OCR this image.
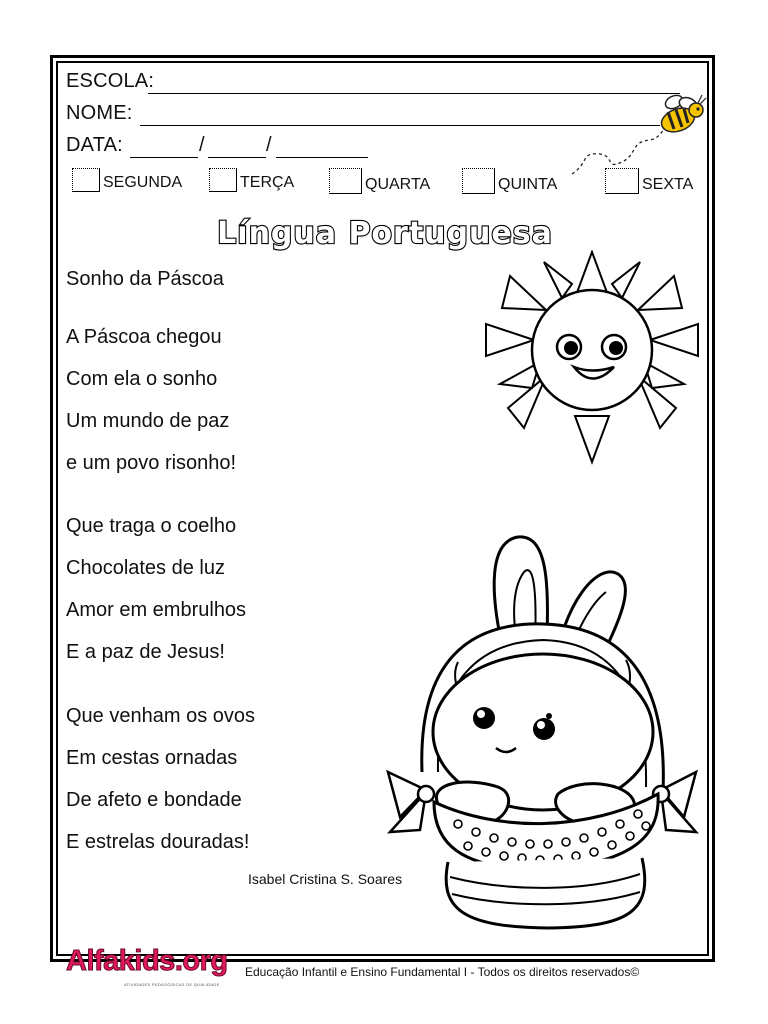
ESCOLA:
NOME:
DATA:	/	/
SEGUNDA	TERÇA	QUARTA	QUINTA	SEXTA
Língua Portuguesa
Sonho da Páscoa
A Páscoa chegou
Com ela o sonho
Um mundo de paz
e um povo risonho!
Que traga o coelho
Chocolates de luz
Amor em embrulhos
E a paz de Jesus!
Que venham os ovos
Em cestas ornadas
De afeto e bondade
E estrelas douradas!
Isabel Cristina S. Soares
Alfakids.org
ATIVIDADES PEDAGÓGICAS DE QUALIDADE
Educação Infantil e Ensino Fundamental I - Todos os direitos reservados©
